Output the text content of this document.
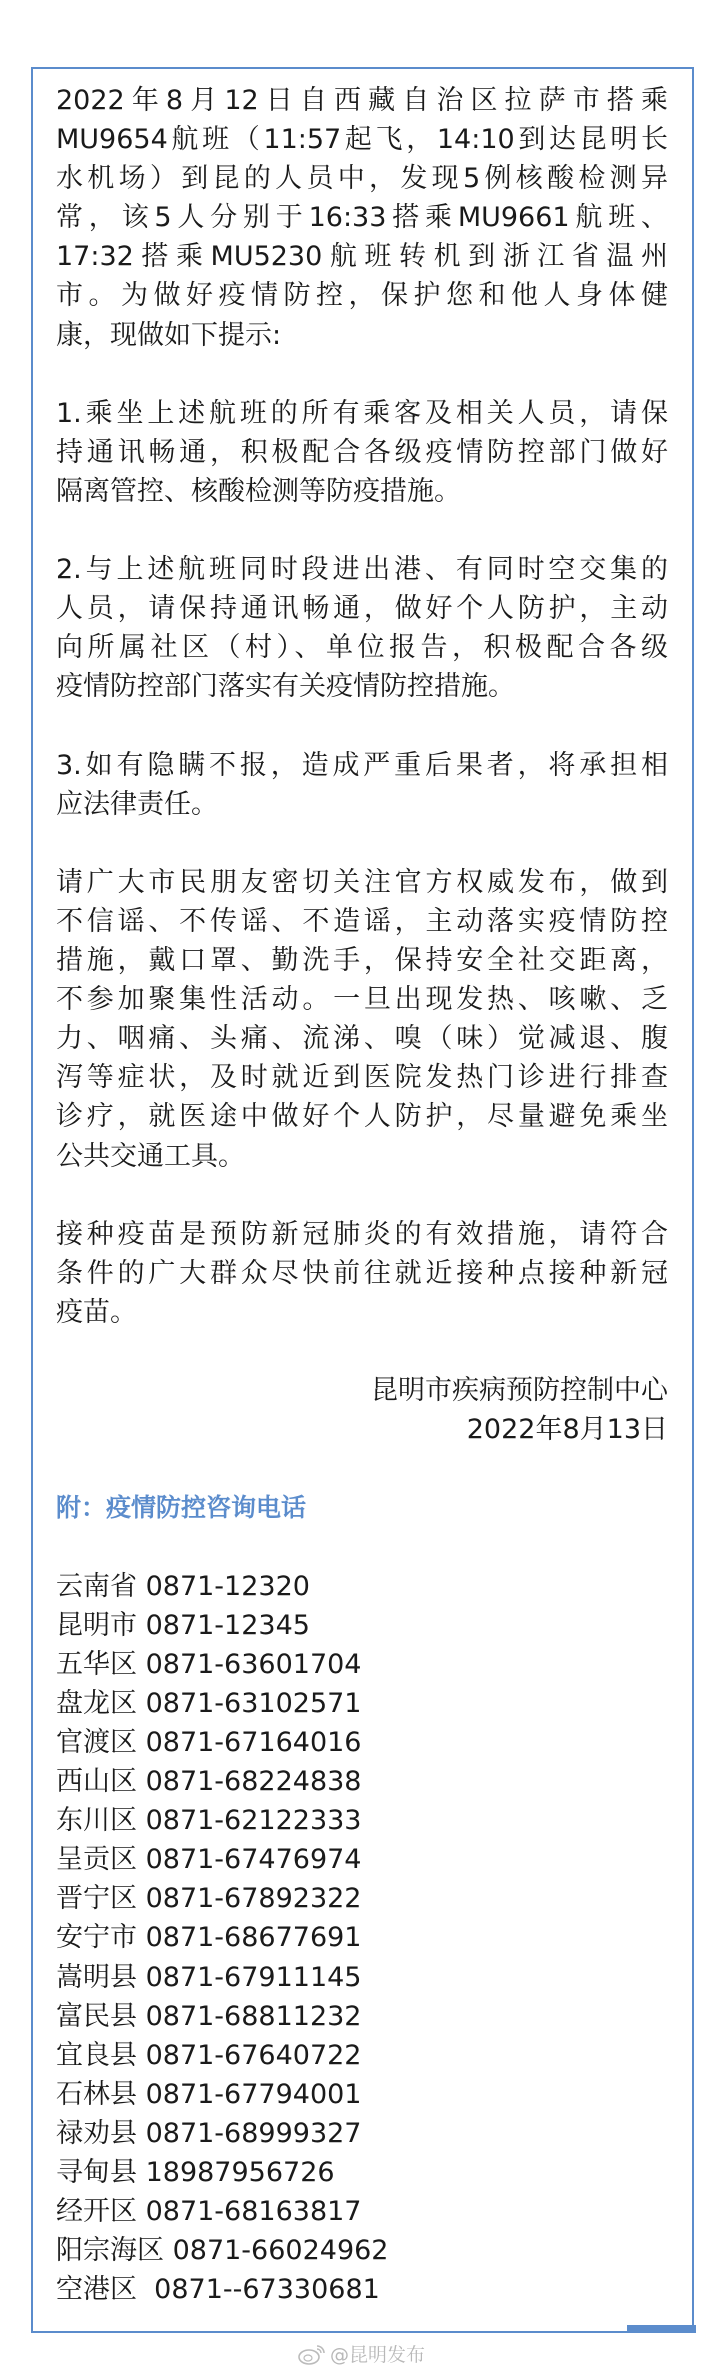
2022年8月12日自西藏自治区拉萨市搭乘
MU9654航班（11:57起飞，14:10到达昆明长
水机场）到昆的人员中，发现5例核酸检测异
常，该5人分别于16:33搭乘MU9661航班、
17:32搭乘MU5230航班转机到浙江省温州
市。为做好疫情防控，保护您和他人身体健
康，现做如下提示:
1.乘坐上述航班的所有乘客及相关人员，请保
持通讯畅通，积极配合各级疫情防控部门做好
隔离管控、核酸检测等防疫措施。
2.与上述航班同时段进出港、有同时空交集的
人员，请保持通讯畅通，做好个人防护，主动
向所属社区（村）、单位报告，积极配合各级
疫情防控部门落实有关疫情防控措施。
3.如有隐瞒不报，造成严重后果者，将承担相
应法律责任。
请广大市民朋友密切关注官方权威发布，做到
不信谣、不传谣、不造谣，主动落实疫情防控
措施，戴口罩、勤洗手，保持安全社交距离，
不参加聚集性活动。一旦出现发热、咳嗽、乏
力、咽痛、头痛、流涕、嗅（味）觉减退、腹
泻等症状，及时就近到医院发热门诊进行排查
诊疗，就医途中做好个人防护，尽量避免乘坐
公共交通工具。
接种疫苗是预防新冠肺炎的有效措施，请符合
条件的广大群众尽快前往就近接种点接种新冠
疫苗。
昆明市疾病预防控制中心
2022年8月13日
附：疫情防控咨询电话
云南省 0871-12320
昆明市 0871-12345
五华区 0871-63601704
盘龙区 0871-63102571
官渡区 0871-67164016
西山区 0871-68224838
东川区 0871-62122333
呈贡区 0871-67476974
晋宁区 0871-67892322
安宁市 0871-68677691
嵩明县 0871-67911145
富民县 0871-68811232
宜良县 0871-67640722
石林县 0871-67794001
禄劝县 0871-68999327
寻甸县 18987956726
经开区 0871-68163817
阳宗海区 0871-66024962
空港区  0871--67330681
@昆明发布
